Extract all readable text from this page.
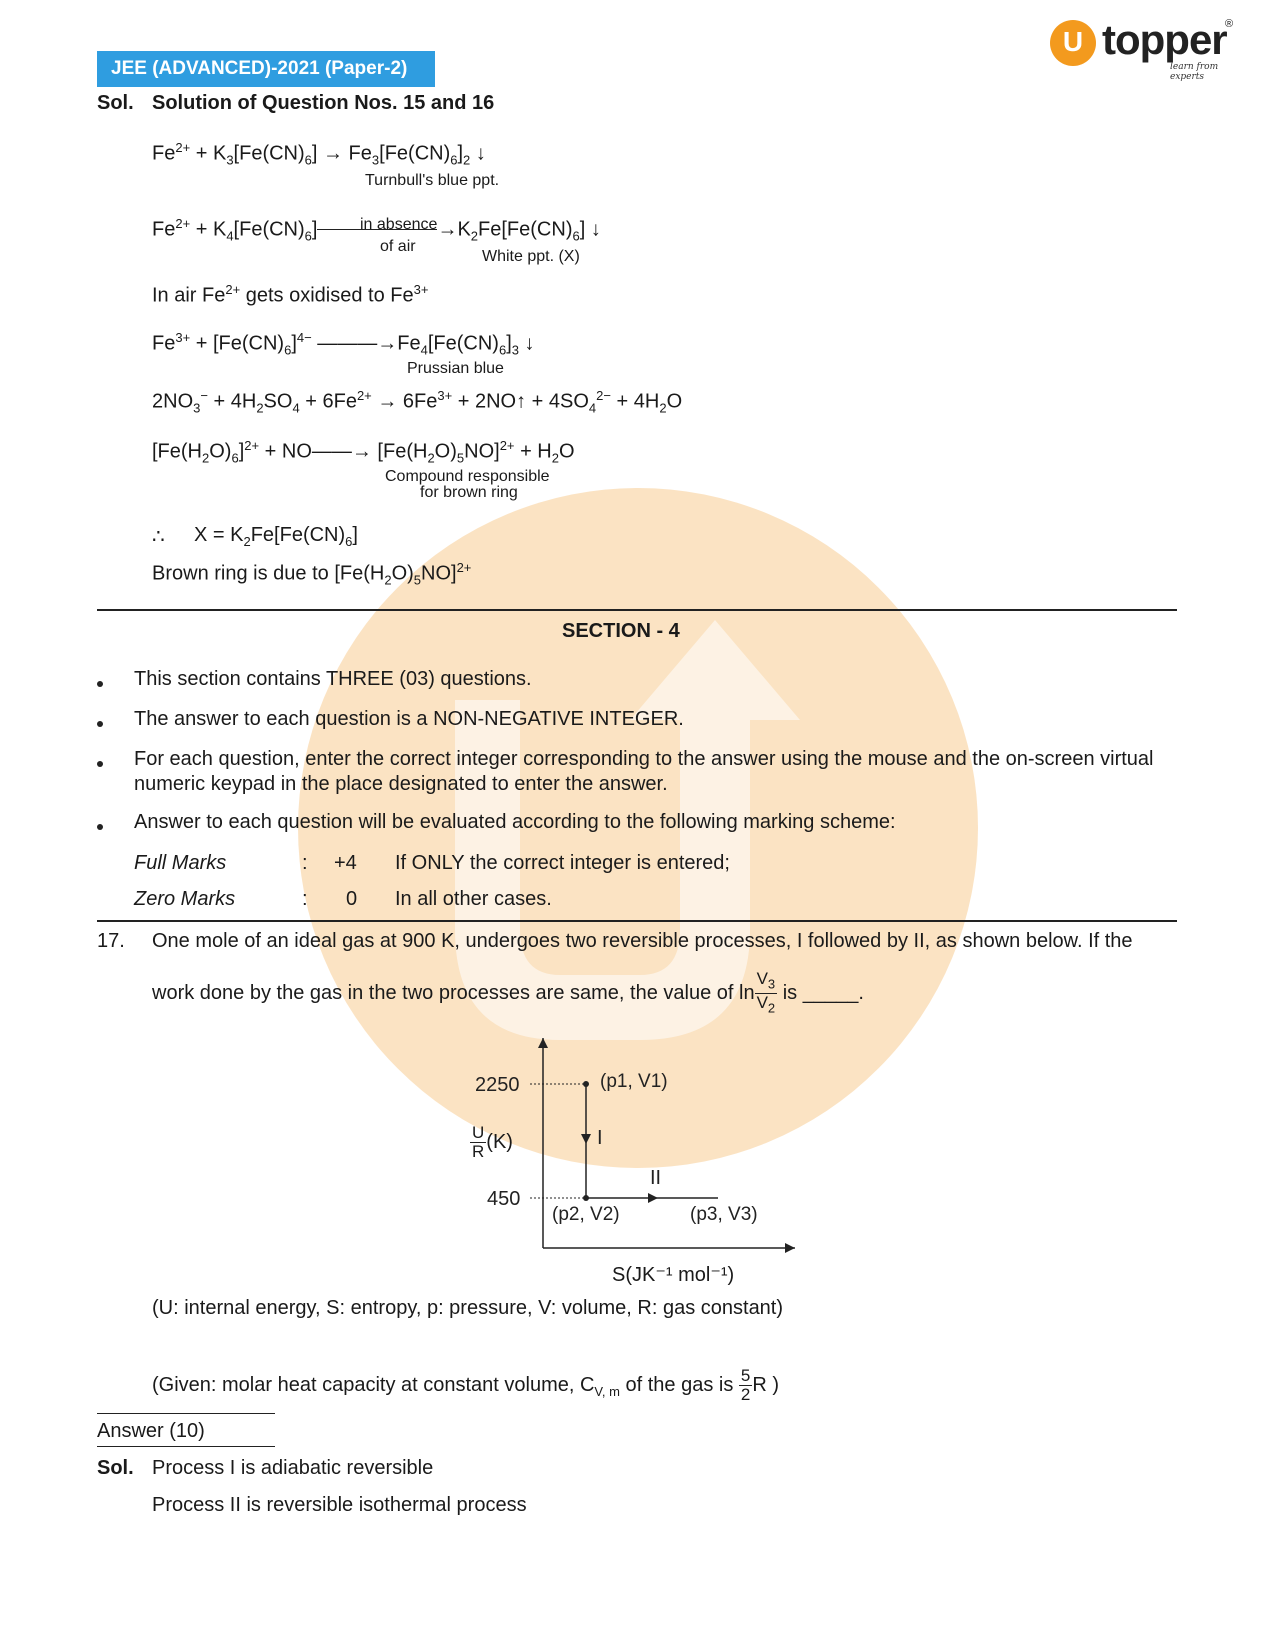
JEE (ADVANCED)-2021 (Paper-2)
U topper
®
learn from experts
Sol. Solution of Question Nos. 15 and 16
$Fe^{2+} + K_3[Fe(CN)_6] \to Fe_3[Fe(CN)_6]_2$ ↓
Turnbull's blue ppt.
$Fe^{2+} + K_4[Fe(CN)_6]$	$\to K_2Fe[Fe(CN)_6]$ ↓
in absence
of air
White ppt. (X)
In air $Fe^{2+}$ gets oxidised to $Fe^{3+}$
$Fe^{3+} + [Fe(CN)_6]^{4-}$ $———\to Fe_4[Fe(CN)_6]_3$ ↓
Prussian blue
$2NO_3^- + 4H_2SO_4 + 6Fe^{2+} \to 6Fe^{3+}$ + 2NO↑ + $4SO_4^{2-} + 4H_2O$
$[Fe(H_2O)_6]^{2+}$ + NO——→ $[Fe(H_2O)_5NO]^{2+} + H_2O$
Compound responsible
for brown ring
∴ $X = K_2Fe[Fe(CN)_6]$
Brown ring is due to $[Fe(H_2O)_5NO]^{2+}$
SECTION - 4
This section contains THREE (03) questions.
The answer to each question is a NON-NEGATIVE INTEGER.
For each question, enter the correct integer corresponding to the answer using the mouse and the on-screen virtual
numeric keypad in the place designated to enter the answer.
Answer to each question will be evaluated according to the following marking scheme:
Full Marks	: +4 If ONLY the correct integer is entered;
Zero Marks	: 0 In all other cases.
17. One mole of an ideal gas at 900 K, undergoes two reversible processes, I followed by II, as shown below. If the
work done by the gas in the two processes are same, the value of $\ln \frac{V_3}{V_2}$ is _____.
2250
450
(p1, V1)
(p2, V2)	(p3, V3)
I
II
$\frac{U}{R} (K)$
S(JK⁻¹ mol⁻¹)
(U: internal energy, S: entropy, p: pressure, V: volume, R: gas constant)
(Given: molar heat capacity at constant volume, $C_{V, m}$ of the gas is $\frac{5}{2}$ R )
Answer (10)
Sol. Process I is adiabatic reversible
Process II is reversible isothermal process
